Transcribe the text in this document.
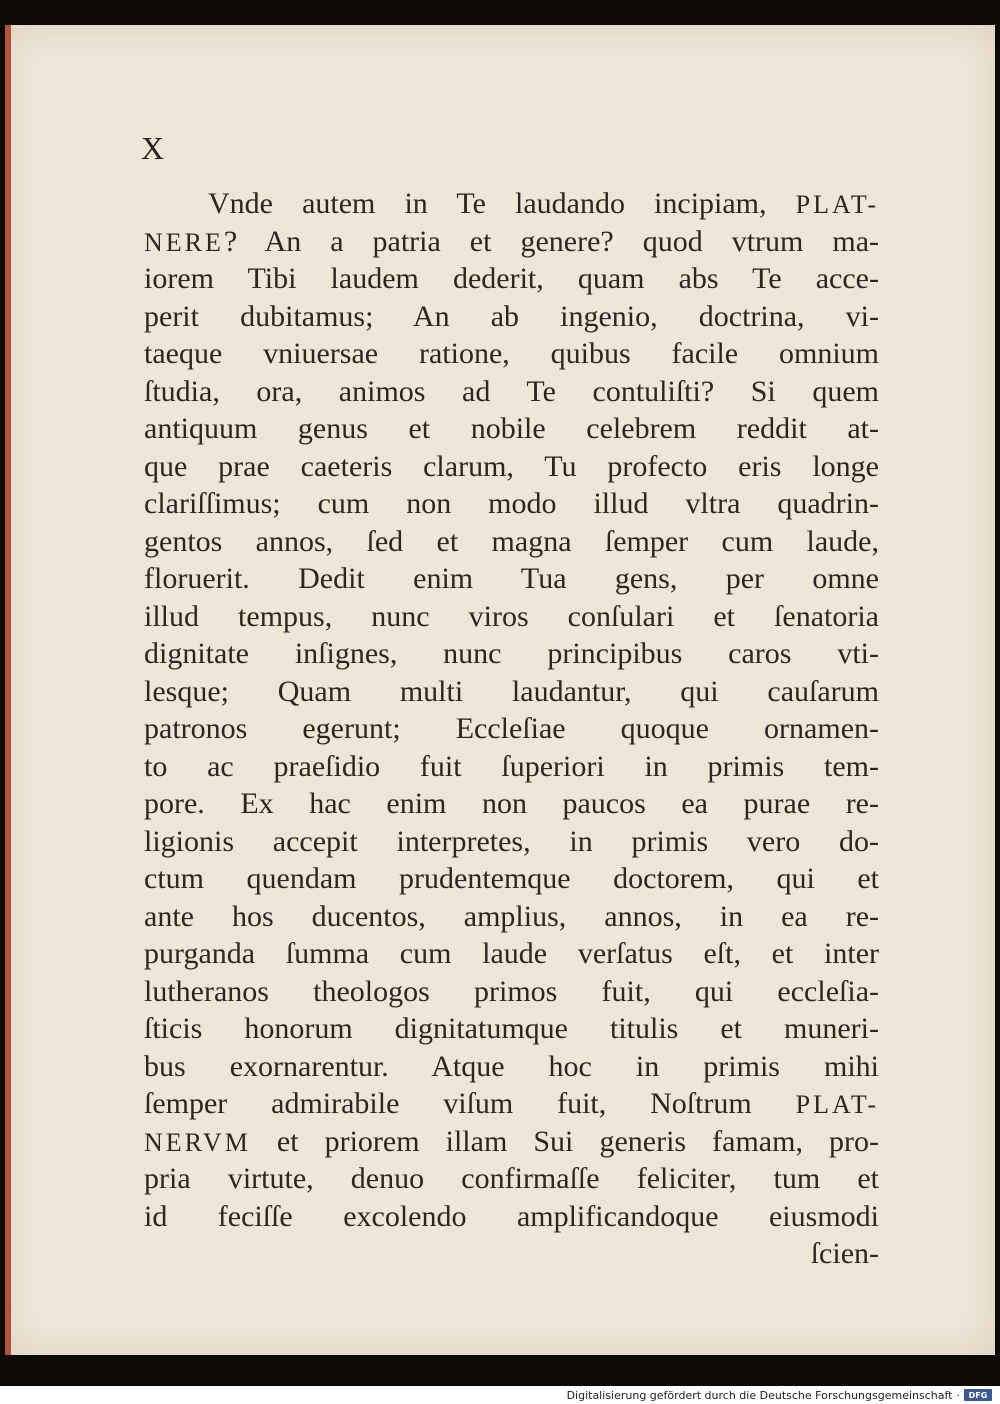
X
Vnde autem in Te laudando incipiam, PLAT-
NERE? An a patria et genere? quod vtrum ma-
iorem Tibi laudem dederit, quam abs Te acce-
perit dubitamus; An ab ingenio, doctrina, vi-
taeque vniuersae ratione, quibus facile omnium
ſtudia, ora, animos ad Te contuliſti? Si quem
antiquum genus et nobile celebrem reddit at-
que prae caeteris clarum, Tu profecto eris longe
clariſſimus; cum non modo illud vltra quadrin-
gentos annos, ſed et magna ſemper cum laude,
floruerit. Dedit enim Tua gens, per omne
illud tempus, nunc viros conſulari et ſenatoria
dignitate inſignes, nunc principibus caros vti-
lesque; Quam multi laudantur, qui cauſarum
patronos egerunt; Eccleſiae quoque ornamen-
to ac praeſidio fuit ſuperiori in primis tem-
pore. Ex hac enim non paucos ea purae re-
ligionis accepit interpretes, in primis vero do-
ctum quendam prudentemque doctorem, qui et
ante hos ducentos, amplius, annos, in ea re-
purganda ſumma cum laude verſatus eſt, et inter
lutheranos theologos primos fuit, qui eccleſia-
ſticis honorum dignitatumque titulis et muneri-
bus exornarentur. Atque hoc in primis mihi
ſemper admirabile viſum fuit, Noſtrum PLAT-
NERVM et priorem illam Sui generis famam, pro-
pria virtute, denuo confirmaſſe feliciter, tum et
id feciſſe excolendo amplificandoque eiusmodi
ſcien-
Digitalisierung gefördert durch die Deutsche Forschungsgemeinschaft ·	DFG
